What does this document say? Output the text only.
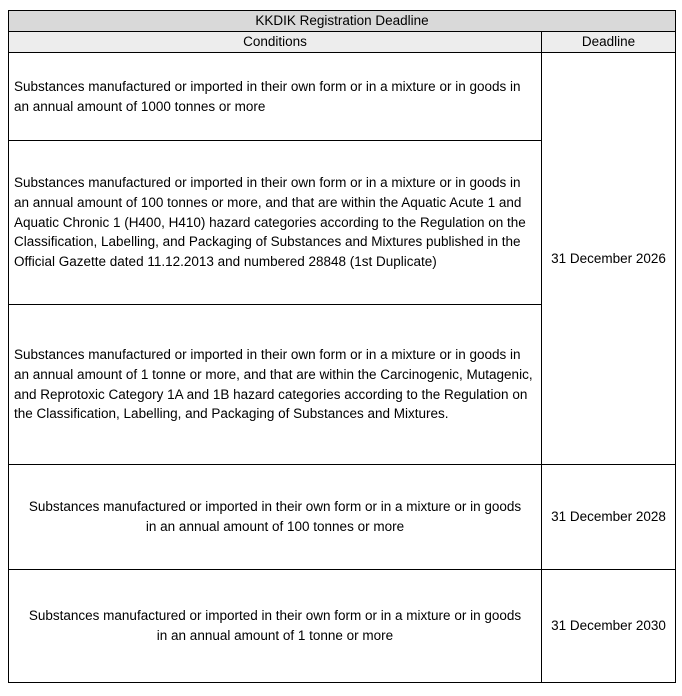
KKDIK Registration Deadline	
Conditions	Deadline
Substances manufactured or imported in their own form or in a mixture or in goods in an annual amount of 1000 tonnes or more	31 December 2026
Substances manufactured or imported in their own form or in a mixture or in goods in an annual amount of 100 tonnes or more, and that are within the Aquatic Acute 1 and Aquatic Chronic 1 (H400, H410) hazard categories according to the Regulation on the Classification, Labelling, and Packaging of Substances and Mixtures published in the Official Gazette dated 11.12.2013 and numbered 28848 (1st Duplicate)	
Substances manufactured or imported in their own form or in a mixture or in goods in an annual amount of 1 tonne or more, and that are within the Carcinogenic, Mutagenic, and Reprotoxic Category 1A and 1B hazard categories according to the Regulation on the Classification, Labelling, and Packaging of Substances and Mixtures.	
Substances manufactured or imported in their own form or in a mixture or in goods in an annual amount of 100 tonnes or more	31 December 2028
Substances manufactured or imported in their own form or in a mixture or in goods in an annual amount of 1 tonne or more	31 December 2030
